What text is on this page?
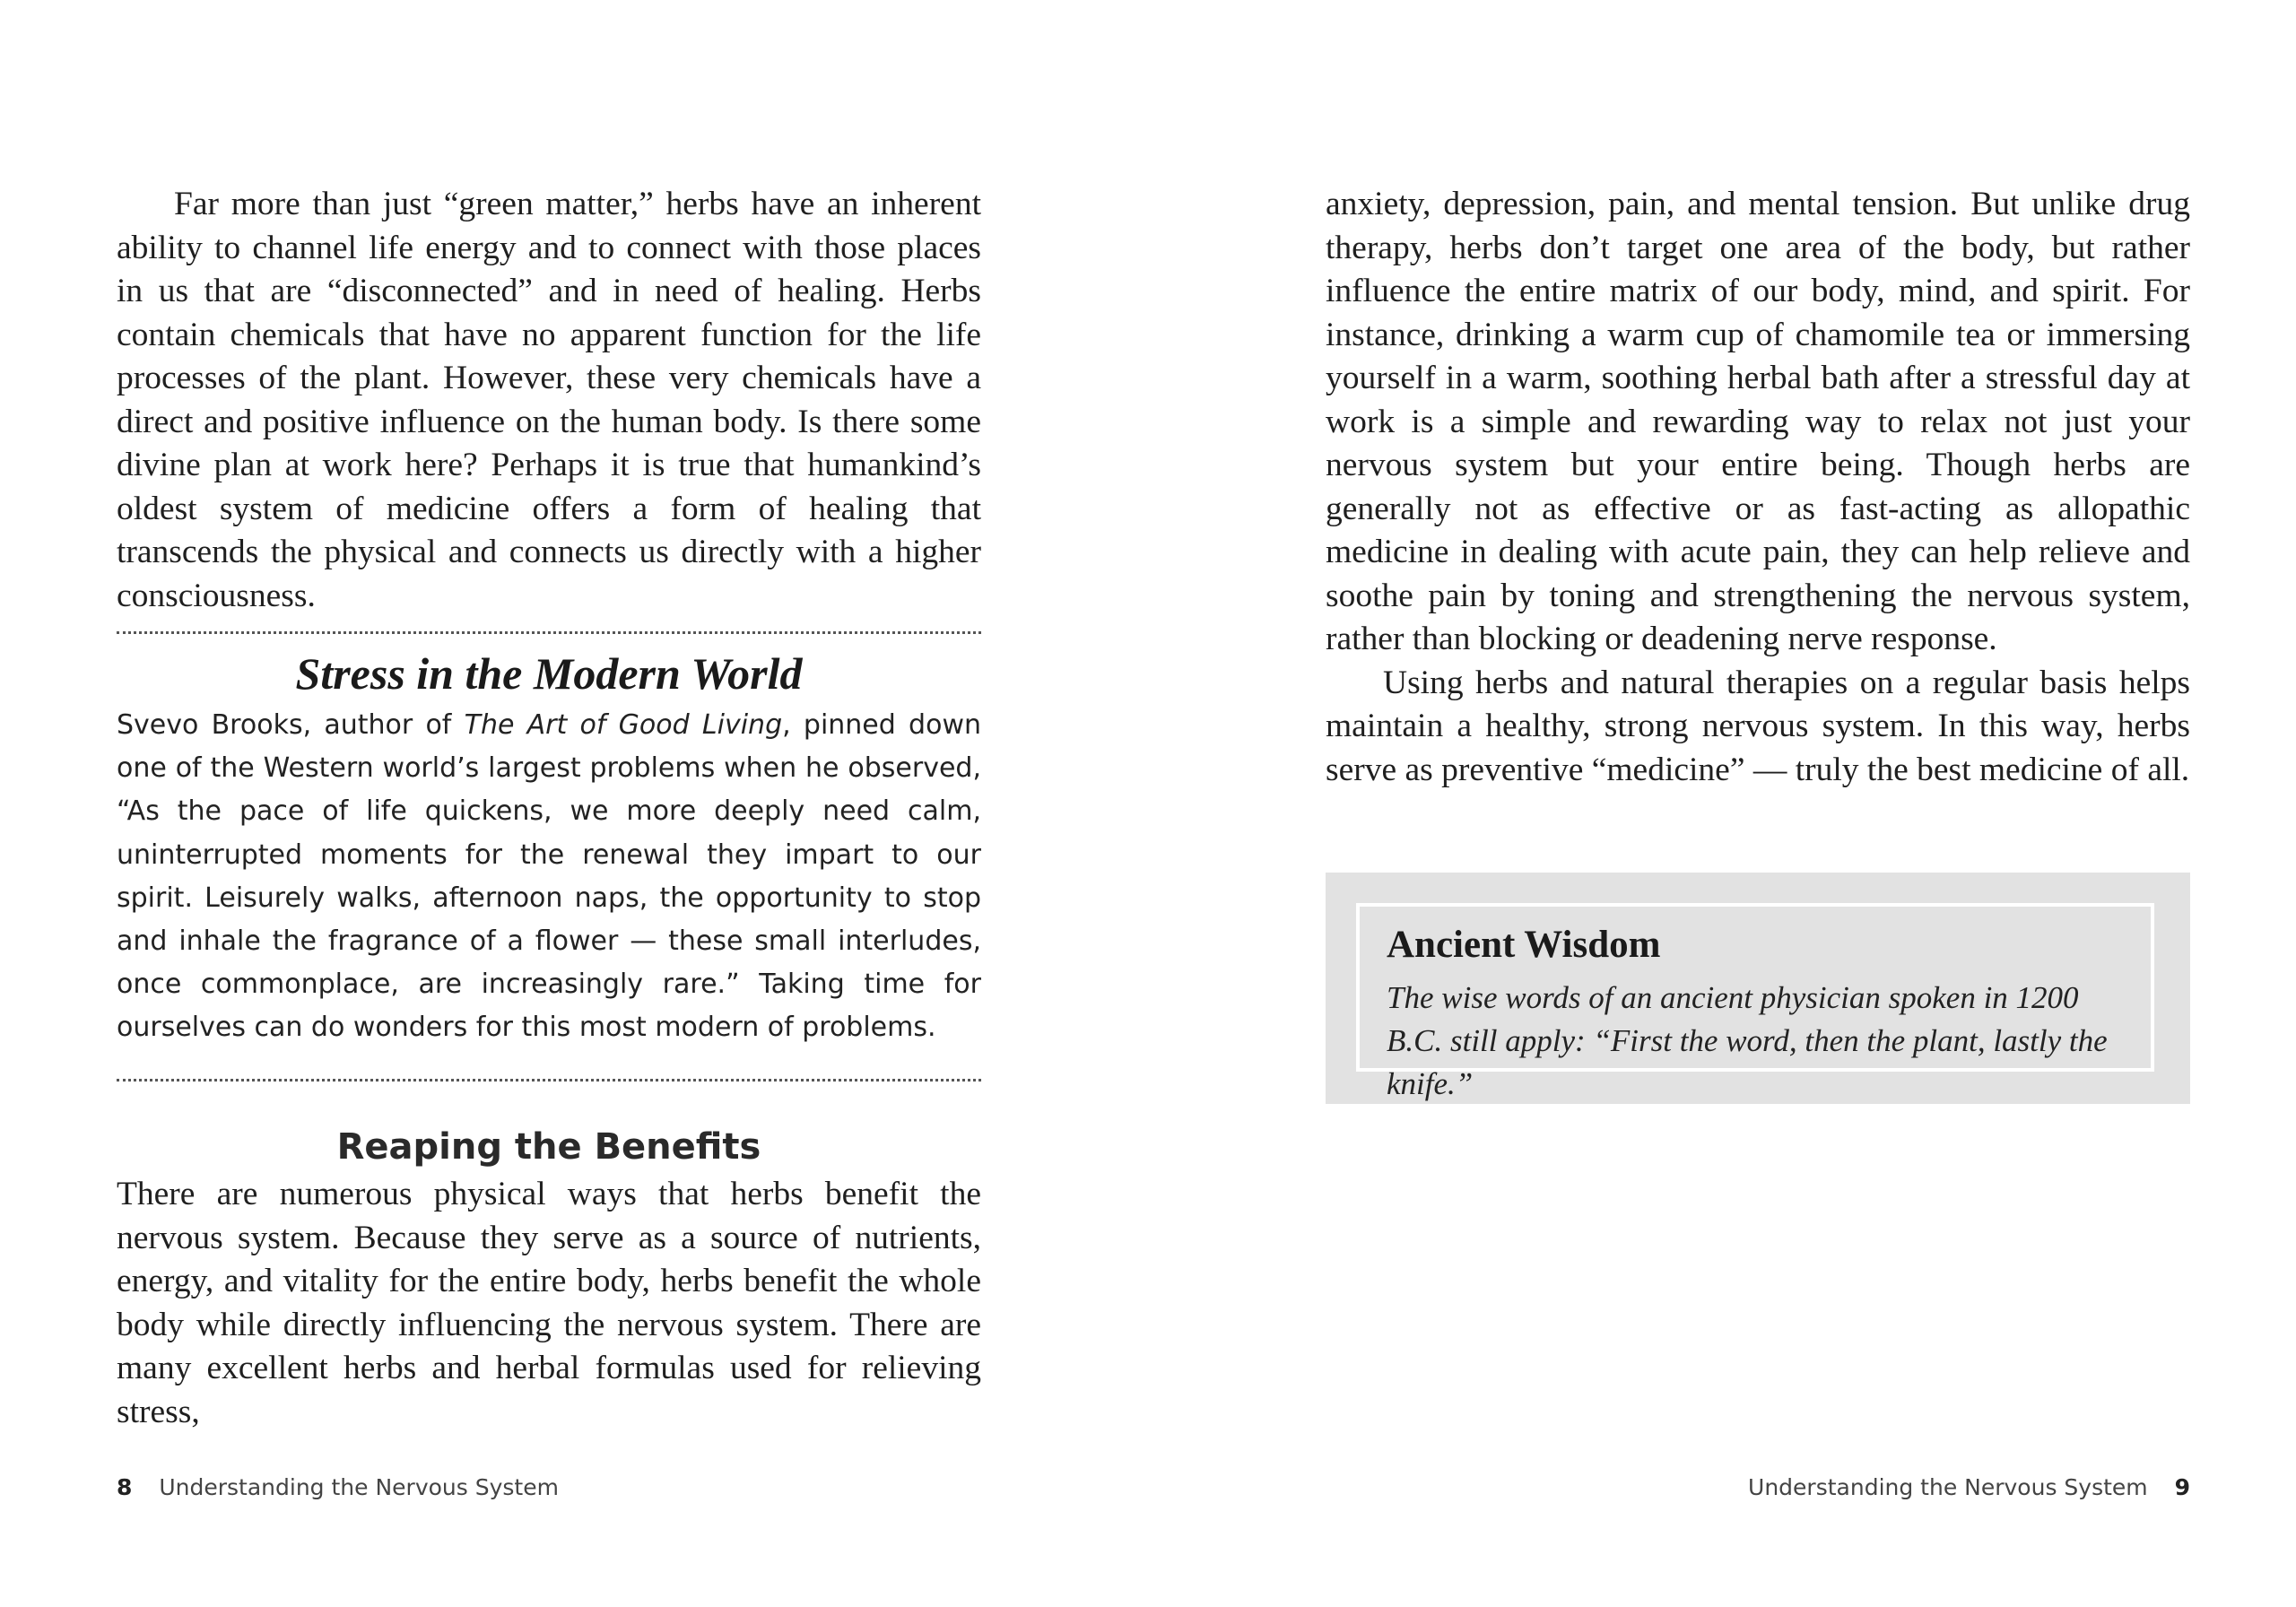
Far more than just “green matter,” herbs have an inherent ability to channel life energy and to connect with those places in us that are “disconnected” and in need of healing. Herbs contain chemicals that have no apparent function for the life processes of the plant. However, these very chemicals have a direct and positive influence on the human body. Is there some divine plan at work here? Perhaps it is true that humankind’s oldest system of medicine offers a form of healing that transcends the physical and connects us directly with a higher consciousness.

Stress in the Modern World

Svevo Brooks, author of The Art of Good Living, pinned down one of the Western world’s largest problems when he observed, “As the pace of life quickens, we more deeply need calm, uninterrupted moments for the renewal they impart to our spirit. Leisurely walks, afternoon naps, the opportunity to stop and inhale the fragrance of a flower — these small interludes, once commonplace, are increasingly rare.” Taking time for ourselves can do wonders for this most modern of problems.

Reaping the Benefits

There are numerous physical ways that herbs benefit the nervous system. Because they serve as a source of nutrients, energy, and vitality for the entire body, herbs benefit the whole body while directly influencing the nervous system. There are many excellent herbs and herbal formulas used for relieving stress,

8 Understanding the Nervous System

anxiety, depression, pain, and mental tension. But unlike drug therapy, herbs don’t target one area of the body, but rather influence the entire matrix of our body, mind, and spirit. For instance, drinking a warm cup of chamomile tea or immersing yourself in a warm, soothing herbal bath after a stressful day at work is a simple and rewarding way to relax not just your nervous system but your entire being. Though herbs are generally not as effective or as fast-acting as allopathic medicine in dealing with acute pain, they can help relieve and soothe pain by toning and strengthening the nervous system, rather than blocking or deadening nerve response.

Using herbs and natural therapies on a regular basis helps maintain a healthy, strong nervous system. In this way, herbs serve as preventive “medicine” — truly the best medicine of all.

Ancient Wisdom

The wise words of an ancient physician spoken in 1200 B.C. still apply: “First the word, then the plant, lastly the knife.”

Understanding the Nervous System 9
